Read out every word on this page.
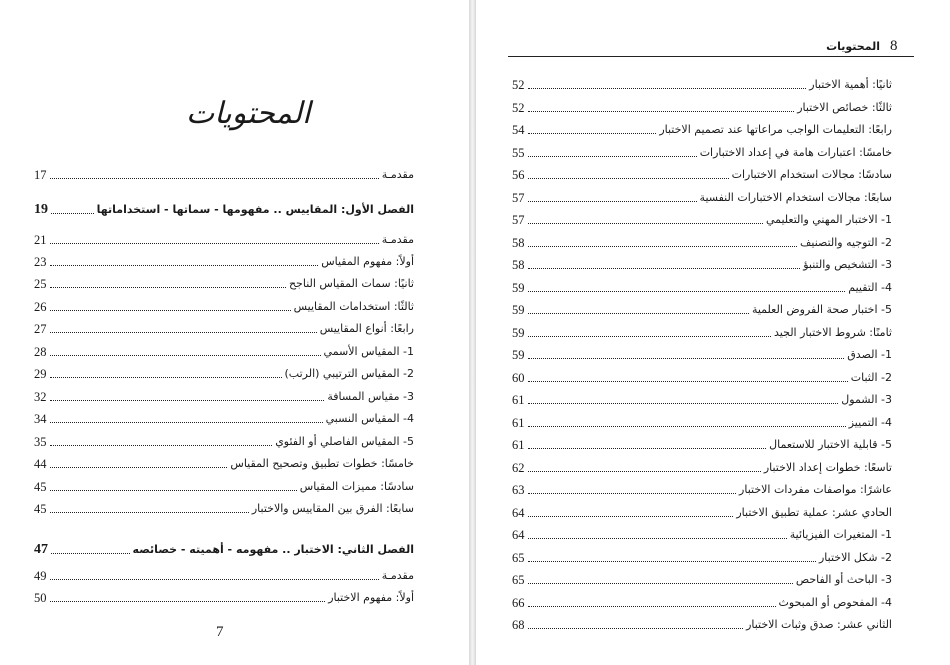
المحتويات
17	مقدمـة
19	الفصل الأول: المقاييس .. مفهومها - سماتها - استخداماتها
21	مقدمـة
23	أولاً: مفهوم المقياس
25	ثانيًا: سمات المقياس الناجح
26	ثالثًا: استخدامات المقاييس
27	رابعًا: أنواع المقاييس
28	1- المقياس الأسمي
29	2- المقياس الترتيبي (الرتب)
32	3- مقياس المسافة
34	4- المقياس النسبي
35	5- المقياس الفاصلي أو الفئوي
44	خامسًا: خطوات تطبيق وتصحيح المقياس
45	سادسًا: مميزات المقياس
45	سابعًا: الفرق بين المقاييس والاختبار
47	الفصل الثاني: الاختبار .. مفهومه - أهميته - خصائصه
49	مقدمـة
50	أولاً: مفهوم الاختبار
7
52	ثانيًا: أهمية الاختبار
52	ثالثًا: خصائص الاختبار
54	رابعًا: التعليمات الواجب مراعاتها عند تصميم الاختبار
55	خامسًا: اعتبارات هامة في إعداد الاختبارات
56	سادسًا: مجالات استخدام الاختبارات
57	سابعًا: مجالات استخدام الاختبارات النفسية
57	1- الاختبار المهني والتعليمي
58	2- التوجيه والتصنيف
58	3- التشخيص والتنبؤ
59	4- التقييم
59	5- اختبار صحة الفروض العلمية
59	ثامنًا: شروط الاختبار الجيد
59	1- الصدق
60	2- الثبات
61	3- الشمول
61	4- التمييز
61	5- قابلية الاختبار للاستعمال
62	تاسعًا: خطوات إعداد الاختبار
63	عاشرًا: مواصفات مفردات الاختبار
64	الحادي عشر: عملية تطبيق الاختبار
64	1- المتغيرات الفيزيائية
65	2- شكل الاختبار
65	3- الباحث أو الفاحص
66	4- المفحوص أو المبحوث
68	الثاني عشر: صدق وثبات الاختبار
8
المحتويات
